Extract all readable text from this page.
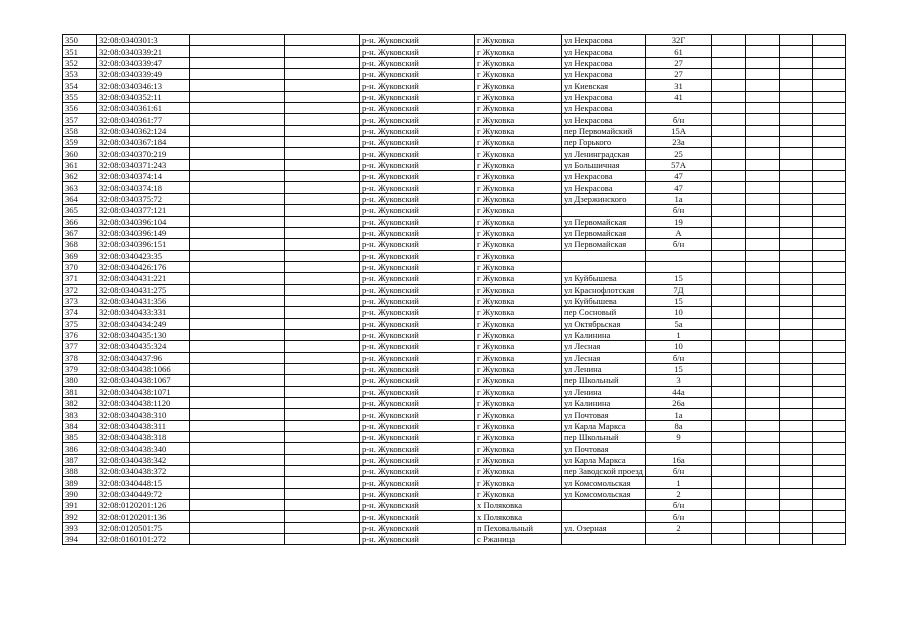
350	32:08:0340301:3			р-н. Жуковский	г Жуковка	ул Некрасова	32Г				
351	32:08:0340339:21			р-н. Жуковский	г Жуковка	ул Некрасова	61				
352	32:08:0340339:47			р-н. Жуковский	г Жуковка	ул Некрасова	27				
353	32:08:0340339:49			р-н. Жуковский	г Жуковка	ул Некрасова	27				
354	32:08:0340346:13			р-н. Жуковский	г Жуковка	ул Киевская	31				
355	32:08:0340352:11			р-н. Жуковский	г Жуковка	ул Некрасова	41				
356	32:08:0340361:61			р-н. Жуковский	г Жуковка	ул Некрасова					
357	32:08:0340361:77			р-н. Жуковский	г Жуковка	ул Некрасова	б/н				
358	32:08:0340362:124			р-н. Жуковский	г Жуковка	пер Первомайский	15А				
359	32:08:0340367:184			р-н. Жуковский	г Жуковка	пер Горького	23а				
360	32:08:0340370:219			р-н. Жуковский	г Жуковка	ул Ленинградская	25				
361	32:08:0340371:243			р-н. Жуковский	г Жуковка	ул Большичная	57А				
362	32:08:0340374:14			р-н. Жуковский	г Жуковка	ул Некрасова	47				
363	32:08:0340374:18			р-н. Жуковский	г Жуковка	ул Некрасова	47				
364	32:08:0340375:72			р-н. Жуковский	г Жуковка	ул Дзержинского	1а				
365	32:08:0340377:121			р-н. Жуковский	г Жуковка		б/н				
366	32:08:0340396:104			р-н. Жуковский	г Жуковка	ул Первомайская	19				
367	32:08:0340396:149			р-н. Жуковский	г Жуковка	ул Первомайская	А				
368	32:08:0340396:151			р-н. Жуковский	г Жуковка	ул Первомайская	б/н				
369	32:08:0340423:35			р-н. Жуковский	г Жуковка						
370	32:08:0340426:176			р-н. Жуковский	г Жуковка						
371	32:08:0340431:221			р-н. Жуковский	г Жуковка	ул Куйбышева	15				
372	32:08:0340431:275			р-н. Жуковский	г Жуковка	ул Краснофлотская	7Д				
373	32:08:0340431:356			р-н. Жуковский	г Жуковка	ул Куйбышева	15				
374	32:08:0340433:331			р-н. Жуковский	г Жуковка	пер Сосновый	10				
375	32:08:0340434:249			р-н. Жуковский	г Жуковка	ул Октябрьская	5а				
376	32:08:0340435:130			р-н. Жуковский	г Жуковка	ул Калинина	1				
377	32:08:0340435:324			р-н. Жуковский	г Жуковка	ул Лесная	10				
378	32:08:0340437:96			р-н. Жуковский	г Жуковка	ул Лесная	б/н				
379	32:08:0340438:1066			р-н. Жуковский	г Жуковка	ул Ленина	15				
380	32:08:0340438:1067			р-н. Жуковский	г Жуковка	пер Школьный	3				
381	32:08:0340438:1071			р-н. Жуковский	г Жуковка	ул Ленина	44а				
382	32:08:0340438:1120			р-н. Жуковский	г Жуковка	ул Калинина	26а				
383	32:08:0340438:310			р-н. Жуковский	г Жуковка	ул Почтовая	1а				
384	32:08:0340438:311			р-н. Жуковский	г Жуковка	ул Карла Маркса	8а				
385	32:08:0340438:318			р-н. Жуковский	г Жуковка	пер Школьный	9				
386	32:08:0340438:340			р-н. Жуковский	г Жуковка	ул Почтовая					
387	32:08:0340438:342			р-н. Жуковский	г Жуковка	ул Карла Маркса	16а				
388	32:08:0340438:372			р-н. Жуковский	г Жуковка	пер Заводской проезд	б/н				
389	32:08:0340448:15			р-н. Жуковский	г Жуковка	ул Комсомольская	1				
390	32:08:0340449:72			р-н. Жуковский	г Жуковка	ул Комсомольская	2				
391	32:08:0120201:126			р-н. Жуковский	х Поляковка		б/н				
392	32:08:0120201:136			р-н. Жуковский	х Поляковка		б/н				
393	32:08:0120501:75			р-н. Жуковский	п Пеховальный	ул. Озерная	2				
394	32:08:0160101:272			р-н. Жуковский	с Ржаница						
